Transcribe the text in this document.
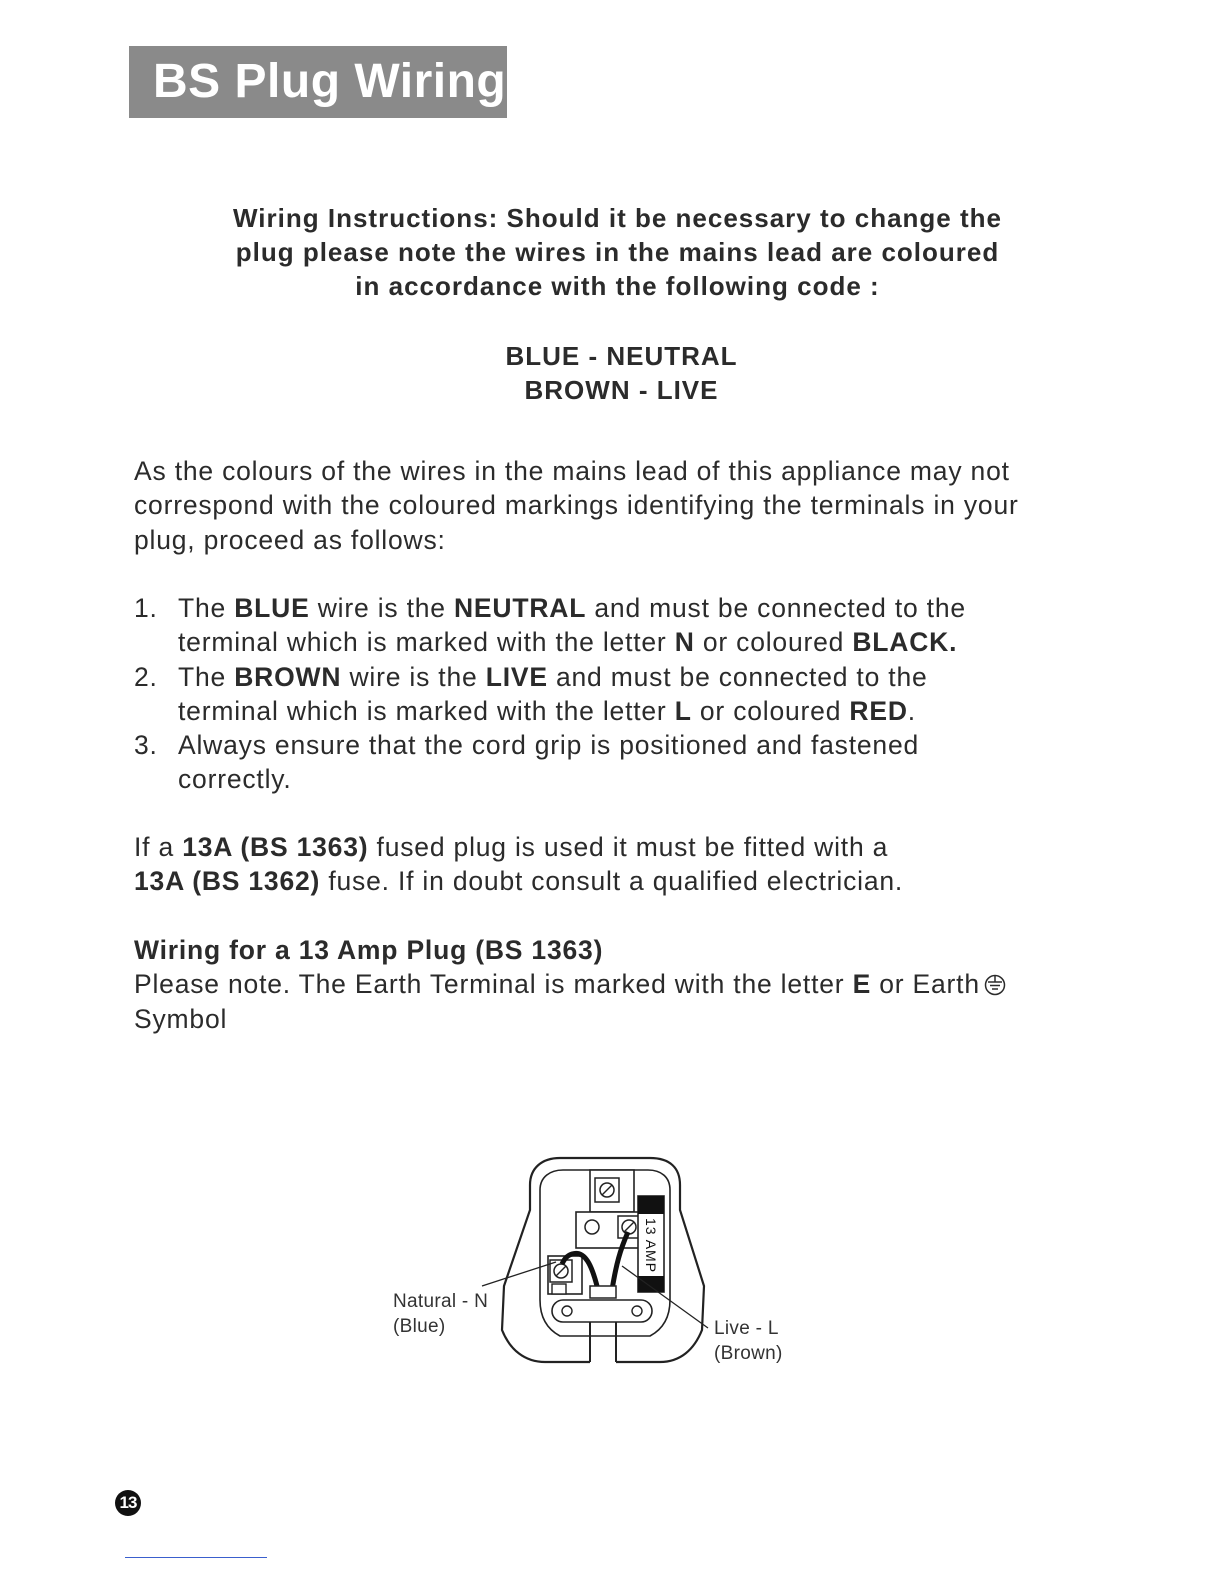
BS Plug Wiring
Wiring Instructions: Should it be necessary to change the
plug please note the wires in the mains lead are coloured
in accordance with the following code :
BLUE - NEUTRAL
BROWN - LIVE
As the colours of the wires in the mains lead of this appliance may not
correspond with the coloured markings identifying the terminals in your
plug, proceed as follows:
1. The BLUE wire is the NEUTRAL and must be connected to the
terminal which is marked with the letter N or coloured BLACK.
2. The BROWN wire is the LIVE and must be connected to the
terminal which is marked with the letter L or coloured RED.
3. Always ensure that the cord grip is positioned and fastened
correctly.
If a 13A (BS 1363) fused plug is used it must be fitted with a
13A (BS 1362) fuse. If in doubt consult a qualified electrician.
Wiring for a 13 Amp Plug (BS 1363)
Please note. The Earth Terminal is marked with the letter E or Earth
Symbol
13 AMP
Natural - N
(Blue)	Live - L
(Brown)
13
